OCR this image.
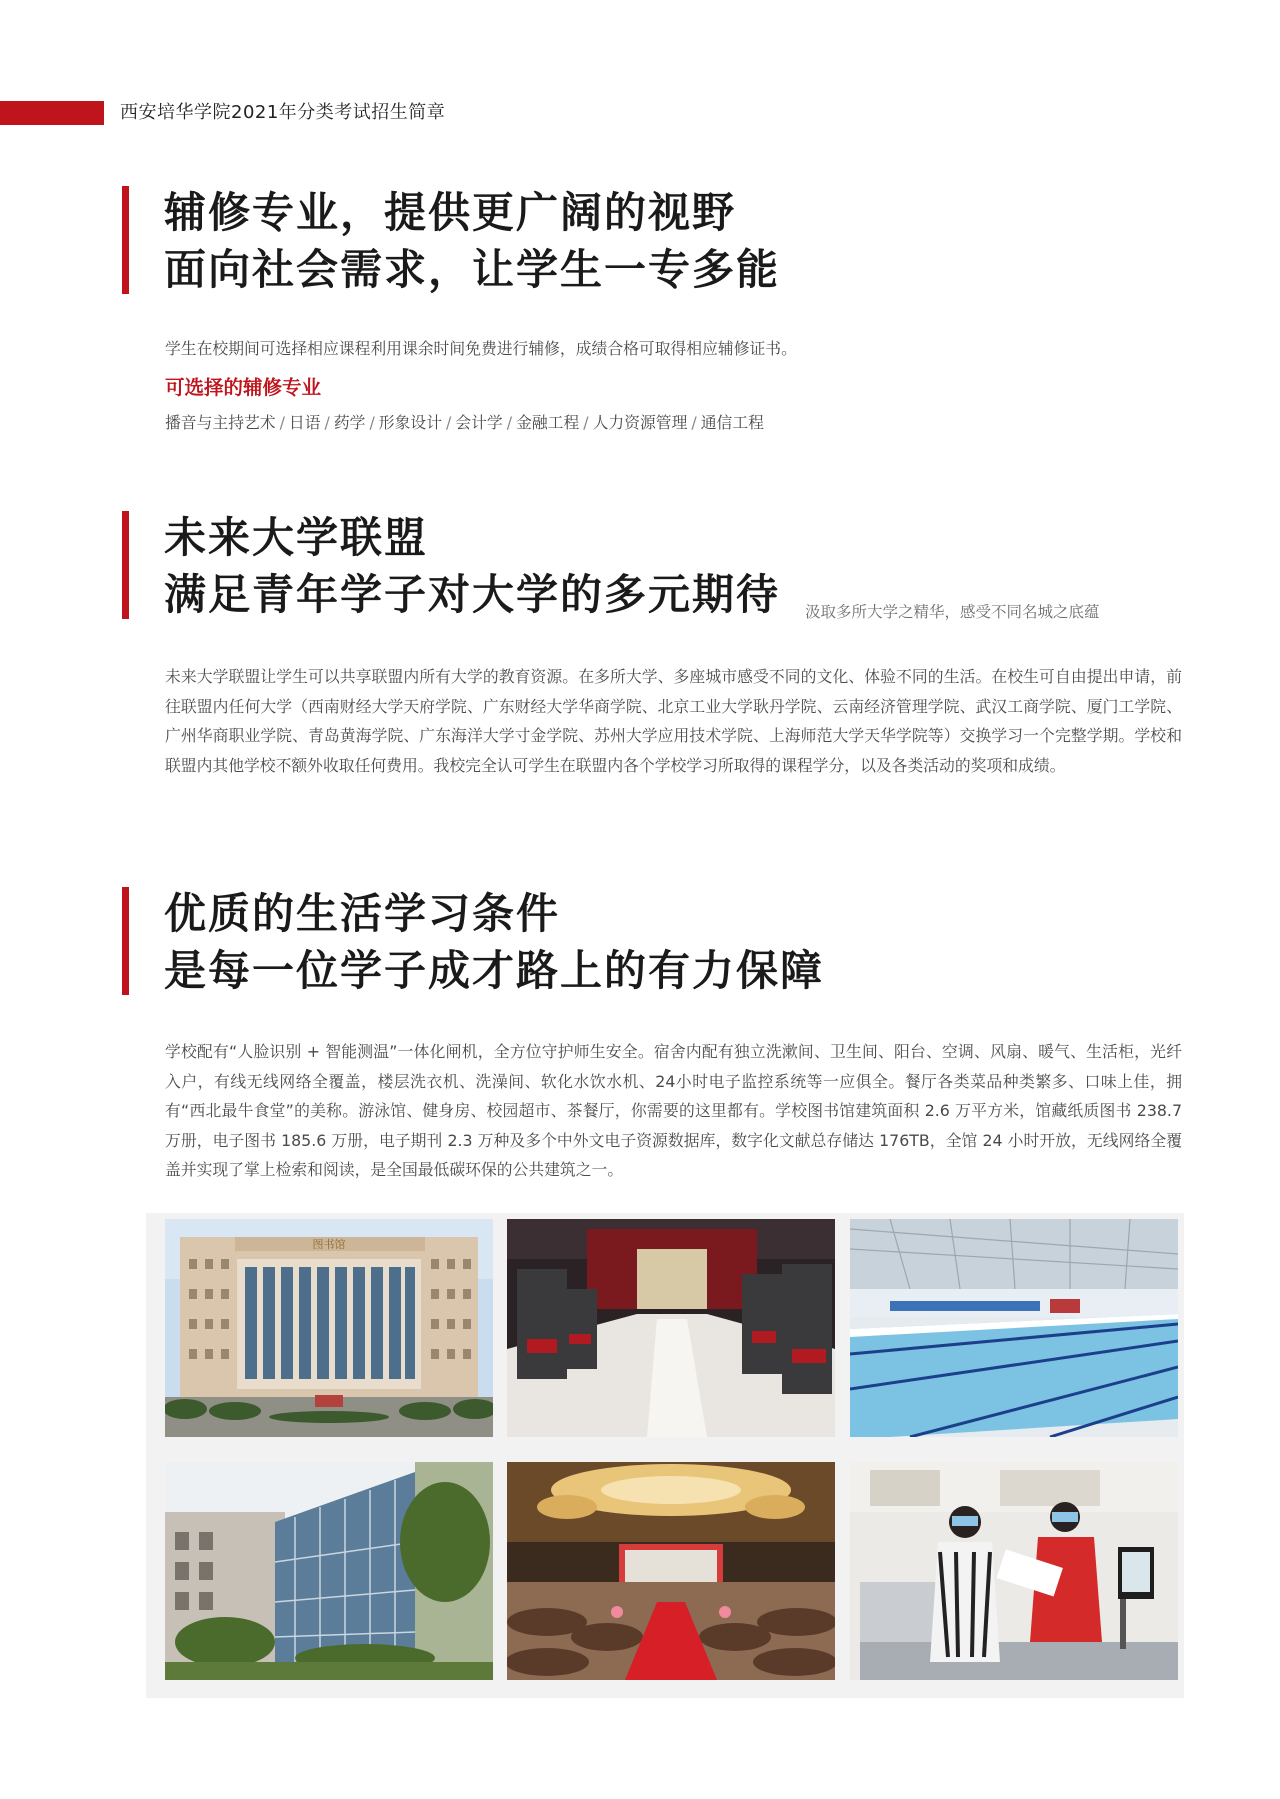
西安培华学院2021年分类考试招生简章
辅修专业，提供更广阔的视野
面向社会需求，让学生一专多能
学生在校期间可选择相应课程利用课余时间免费进行辅修，成绩合格可取得相应辅修证书。
可选择的辅修专业
播音与主持艺术 / 日语 / 药学 / 形象设计 / 会计学 / 金融工程 / 人力资源管理 / 通信工程
未来大学联盟
满足青年学子对大学的多元期待 汲取多所大学之精华，感受不同名城之底蕴
未来大学联盟让学生可以共享联盟内所有大学的教育资源。在多所大学、多座城市感受不同的文化、体验不同的生活。在校生可自由提出申请，前往联盟内任何大学（西南财经大学天府学院、广东财经大学华商学院、北京工业大学耿丹学院、云南经济管理学院、武汉工商学院、厦门工学院、广州华商职业学院、青岛黄海学院、广东海洋大学寸金学院、苏州大学应用技术学院、上海师范大学天华学院等）交换学习一个完整学期。学校和联盟内其他学校不额外收取任何费用。我校完全认可学生在联盟内各个学校学习所取得的课程学分，以及各类活动的奖项和成绩。
优质的生活学习条件
是每一位学子成才路上的有力保障
学校配有“人脸识别 + 智能测温”一体化闸机，全方位守护师生安全。宿舍内配有独立洗漱间、卫生间、阳台、空调、风扇、暖气、生活柜，光纤入户，有线无线网络全覆盖，楼层洗衣机、洗澡间、软化水饮水机、24小时电子监控系统等一应俱全。餐厅各类菜品种类繁多、口味上佳，拥有“西北最牛食堂”的美称。游泳馆、健身房、校园超市、茶餐厅，你需要的这里都有。学校图书馆建筑面积 2.6 万平方米，馆藏纸质图书 238.7 万册，电子图书 185.6 万册，电子期刊 2.3 万种及多个中外文电子资源数据库，数字化文献总存储达 176TB，全馆 24 小时开放，无线网络全覆盖并实现了掌上检索和阅读，是全国最低碳环保的公共建筑之一。
图书馆
